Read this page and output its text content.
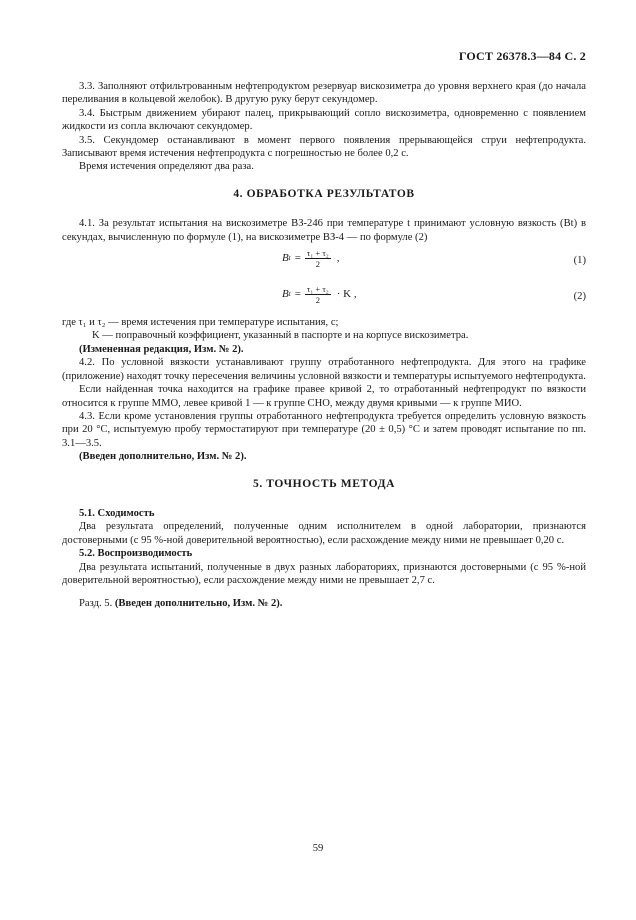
ГОСТ 26378.3—84 С. 2

3.3. Заполняют отфильтрованным нефтепродуктом резервуар вискозиметра до уровня верхнего края (до начала переливания в кольцевой желобок). В другую руку берут секундомер.

3.4. Быстрым движением убирают палец, прикрывающий сопло вискозиметра, одновременно с появлением жидкости из сопла включают секундомер.

3.5. Секундомер останавливают в момент первого появления прерывающейся струи нефтепродукта. Записывают время истечения нефтепродукта с погрешностью не более 0,2 с.

Время истечения определяют два раза.

4. ОБРАБОТКА РЕЗУЛЬТАТОВ

4.1. За результат испытания на вискозиметре ВЗ-246 при температуре t принимают условную вязкость (Bt) в секундах, вычисленную по формуле (1), на вискозиметре ВЗ-4 — по формуле (2)

B $t = \frac{\text{τ₁ + τ₂}}{2}$ ,	(1)
B $t = \frac{\text{τ₁ + τ₂}}{2} \cdot K$ ,	(2)

где τ₁ и τ₂ — время истечения при температуре испытания, с;

K — поправочный коэффициент, указанный в паспорте и на корпусе вискозиметра.

(Измененная редакция, Изм. № 2).

4.2. По условной вязкости устанавливают группу отработанного нефтепродукта. Для этого на графике (приложение) находят точку пересечения величины условной вязкости и температуры испытуемого нефтепродукта.

Если найденная точка находится на графике правее кривой 2, то отработанный нефтепродукт по вязкости относится к группе ММО, левее кривой 1 — к группе СНО, между двумя кривыми — к группе МИО.

4.3. Если кроме установления группы отработанного нефтепродукта требуется определить условную вязкость при 20 °С, испытуемую пробу термостатируют при температуре (20 ± 0,5) °С и затем проводят испытание по пп. 3.1—3.5.

(Введен дополнительно, Изм. № 2).

5. ТОЧНОСТЬ МЕТОДА

5.1. Сходимость

Два результата определений, полученные одним исполнителем в одной лаборатории, признаются достоверными (с 95 %-ной доверительной вероятностью), если расхождение между ними не превышает 0,20 с.

5.2. Воспроизводимость

Два результата испытаний, полученные в двух разных лабораториях, признаются достоверными (с 95 %-ной доверительной вероятностью), если расхождение между ними не превышает 2,7 с.

Разд. 5. (Введен дополнительно, Изм. № 2).

59
